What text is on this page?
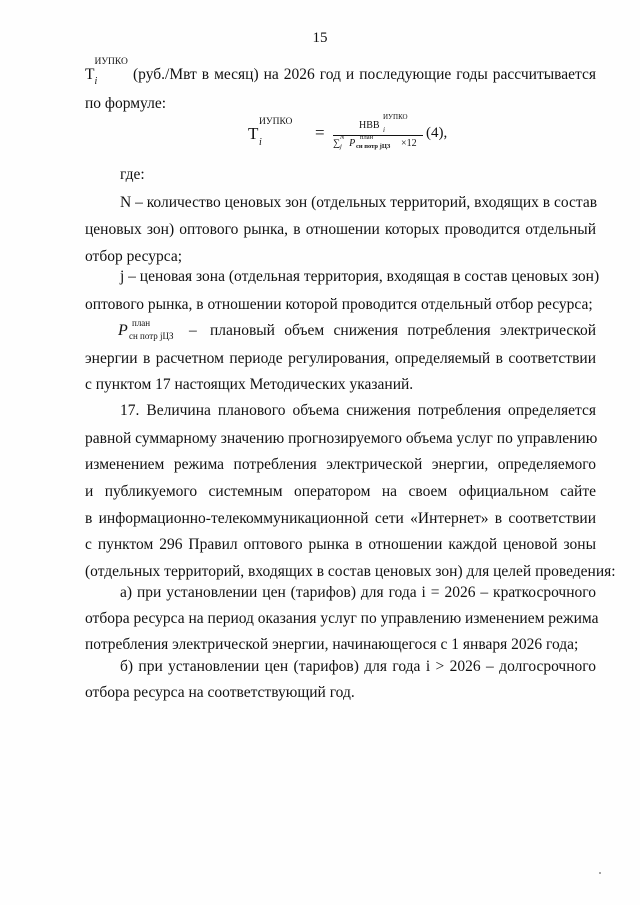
15
Т
ИУПКО
i (руб./Мвт в месяц) на 2026 год и последующие годы рассчитывается
по формуле:
Т
ИУПКО
i
=	НВВ
ИУПКО
i
∑
N
j P
план
сн потр jЦЗ ×12
(4),
где:
N – количество ценовых зон (отдельных территорий, входящих в состав
ценовых зон) оптового рынка, в отношении которых проводится отдельный
отбор ресурса;
j – ценовая зона (отдельная территория, входящая в состав ценовых зон)
оптового рынка, в отношении которой проводится отдельный отбор ресурса;
P план
сн потр jЦЗ – плановый объем снижения потребления электрической
энергии в расчетном периоде регулирования, определяемый в соответствии
с пунктом 17 настоящих Методических указаний.
17. Величина планового объема снижения потребления определяется
равной суммарному значению прогнозируемого объема услуг по управлению
изменением режима потребления электрической энергии, определяемого
и публикуемого системным оператором на своем официальном сайте
в информационно-телекоммуникационной сети «Интернет» в соответствии
с пунктом 296 Правил оптового рынка в отношении каждой ценовой зоны
(отдельных территорий, входящих в состав ценовых зон) для целей проведения:
а) при установлении цен (тарифов) для года i = 2026 – краткосрочного
отбора ресурса на период оказания услуг по управлению изменением режима
потребления электрической энергии, начинающегося с 1 января 2026 года;
б) при установлении цен (тарифов) для года i > 2026 – долгосрочного
отбора ресурса на соответствующий год.
